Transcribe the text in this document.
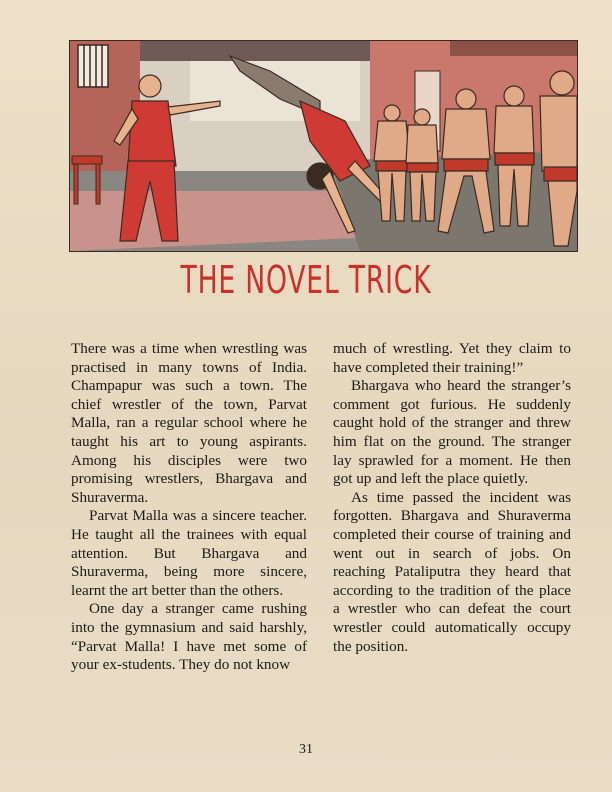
THE NOVEL TRICK

There was a time when wrestling was practised in many towns of India. Champapur was such a town. The chief wrestler of the town, Parvat Malla, ran a regular school where he taught his art to young aspirants. Among his disciples were two promising wrestlers, Bhargava and Shuraverma.

Parvat Malla was a sincere teacher. He taught all the trainees with equal attention. But Bhargava and Shuraverma, being more sincere, learnt the art better than the others.

One day a stranger came rushing into the gymnasium and said harshly, “Parvat Malla! I have met some of your ex-students. They do not know

much of wrestling. Yet they claim to have completed their training!”

Bhargava who heard the stranger’s comment got furious. He suddenly caught hold of the stranger and threw him flat on the ground. The stranger lay sprawled for a moment. He then got up and left the place quietly.

As time passed the incident was forgotten. Bhargava and Shuraverma completed their course of training and went out in search of jobs. On reaching Pataliputra they heard that according to the tradition of the place a wrestler who can defeat the court wrestler could automatically occupy the position.

31
